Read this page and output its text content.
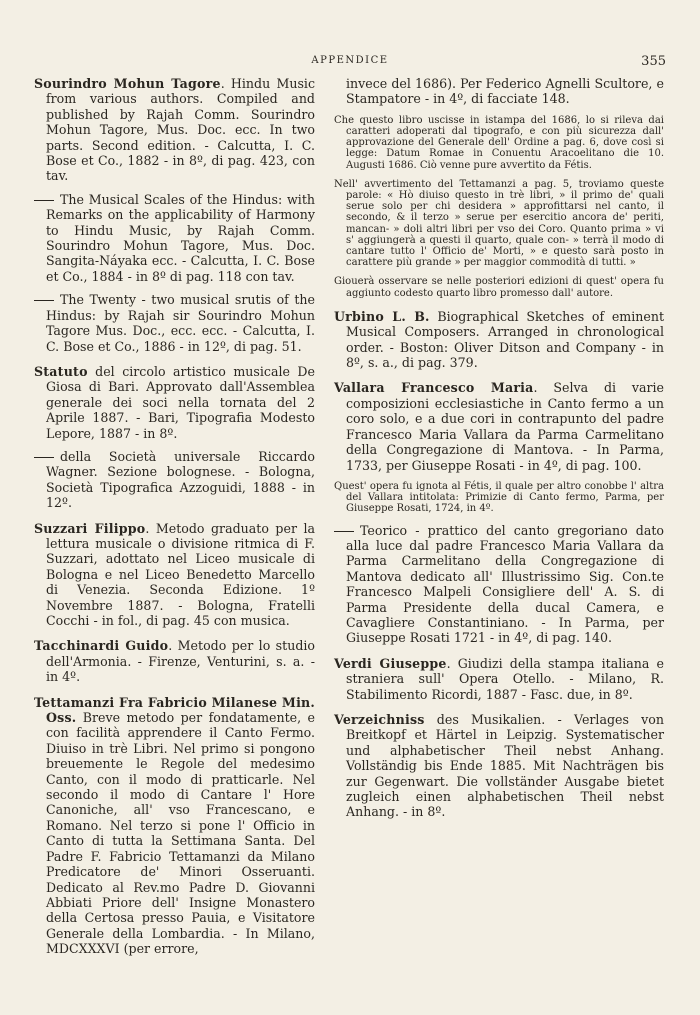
APPENDICE	355

Sourindro Mohun Tagore. Hindu Music from various authors. Compiled and published by Rajah Comm. Sourindro Mohun Tagore, Mus. Doc. ecc. In two parts. Second edition. - Calcutta, I. C. Bose et Co., 1882 - in 8º, di pag. 423, con tav.

The Musical Scales of the Hindus: with Remarks on the applicability of Harmony to Hindu Music, by Rajah Comm. Sourindro Mohun Tagore, Mus. Doc. Sangita-Náyaka ecc. - Calcutta, I. C. Bose et Co., 1884 - in 8º di pag. 118 con tav.

The Twenty - two musical srutis of the Hindus: by Rajah sir Sourindro Mohun Tagore Mus. Doc., ecc. ecc. - Calcutta, I. C. Bose et Co., 1886 - in 12º, di pag. 51.

Statuto del circolo artistico musicale De Giosa di Bari. Approvato dall'Assemblea generale dei soci nella tornata del 2 Aprile 1887. - Bari, Tipografia Modesto Lepore, 1887 - in 8º.

della Società universale Riccardo Wagner. Sezione bolognese. - Bologna, Società Tipografica Azzoguidi, 1888 - in 12º.

Suzzari Filippo. Metodo graduato per la lettura musicale o divisione ritmica di F. Suzzari, adottato nel Liceo musicale di Bologna e nel Liceo Benedetto Marcello di Venezia. Seconda Edizione. 1º Novembre 1887. - Bologna, Fratelli Cocchi - in fol., di pag. 45 con musica.

Tacchinardi Guido. Metodo per lo studio dell'Armonia. - Firenze, Venturini, s. a. - in 4º.

Tettamanzi Fra Fabricio Milanese Min. Oss. Breve metodo per fondatamente, e con facilità apprendere il Canto Fermo. Diuiso in trè Libri. Nel primo si pongono breuemente le Regole del medesimo Canto, con il modo di pratticarle. Nel secondo il modo di Cantare l' Hore Canoniche, all' vso Francescano, e Romano. Nel terzo si pone l' Officio in Canto di tutta la Settimana Santa. Del Padre F. Fabricio Tettamanzi da Milano Predicatore de' Minori Osseruanti. Dedicato al Rev.mo Padre D. Giovanni Abbiati Priore dell' Insigne Monastero della Certosa presso Pauia, e Visitatore Generale della Lombardia. - In Milano, MDCXXXVI (per errore,

invece del 1686). Per Federico Agnelli Scultore, e Stampatore - in 4º, di facciate 148.

Che questo libro uscisse in istampa del 1686, lo si rileva dai caratteri adoperati dal tipografo, e con più sicurezza dall' approvazione del Generale dell' Ordine a pag. 6, dove così si legge: Datum Romae in Conuentu Aracoelitano die 10. Augusti 1686. Ciò venne pure avvertito da Fétis.

Nell' avvertimento del Tettamanzi a pag. 5, troviamo queste parole: « Hò diuiso questo in trè libri, » il primo de' quali serue solo per chi desidera » approfittarsi nel canto, il secondo, & il terzo » serue per esercitio ancora de' periti, mancan- » doli altri libri per vso dei Coro. Quanto prima » vi s' aggiungerà a questi il quarto, quale con- » terrà il modo di cantare tutto l' Officio de' Morti, » e questo sarà posto in carattere più grande » per maggior commodità di tutti. »

Giouerà osservare se nelle posteriori edizioni di quest' opera fu aggiunto codesto quarto libro promesso dall' autore.

Urbino L. B. Biographical Sketches of eminent Musical Composers. Arranged in chronological order. - Boston: Oliver Ditson and Company - in 8º, s. a., di pag. 379.

Vallara Francesco Maria. Selva di varie composizioni ecclesiastiche in Canto fermo a un coro solo, e a due cori in contrapunto del padre Francesco Maria Vallara da Parma Carmelitano della Congregazione di Mantova. - In Parma, 1733, per Giuseppe Rosati - in 4º, di pag. 100.

Quest' opera fu ignota al Fétis, il quale per altro conobbe l' altra del Vallara intitolata: Primizie di Canto fermo, Parma, per Giuseppe Rosati, 1724, in 4º.

Teorico - prattico del canto gregoriano dato alla luce dal padre Francesco Maria Vallara da Parma Carmelitano della Congregazione di Mantova dedicato all' Illustrissimo Sig. Con.te Francesco Malpeli Consigliere dell' A. S. di Parma Presidente della ducal Camera, e Cavagliere Constantiniano. - In Parma, per Giuseppe Rosati 1721 - in 4º, di pag. 140.

Verdi Giuseppe. Giudizi della stampa italiana e straniera sull' Opera Otello. - Milano, R. Stabilimento Ricordi, 1887 - Fasc. due, in 8º.

Verzeichniss des Musikalien. - Verlages von Breitkopf et Härtel in Leipzig. Systematischer und alphabetischer Theil nebst Anhang. Vollständig bis Ende 1885. Mit Nachträgen bis zur Gegenwart. Die vollständer Ausgabe bietet zugleich einen alphabetischen Theil nebst Anhang. - in 8º.
